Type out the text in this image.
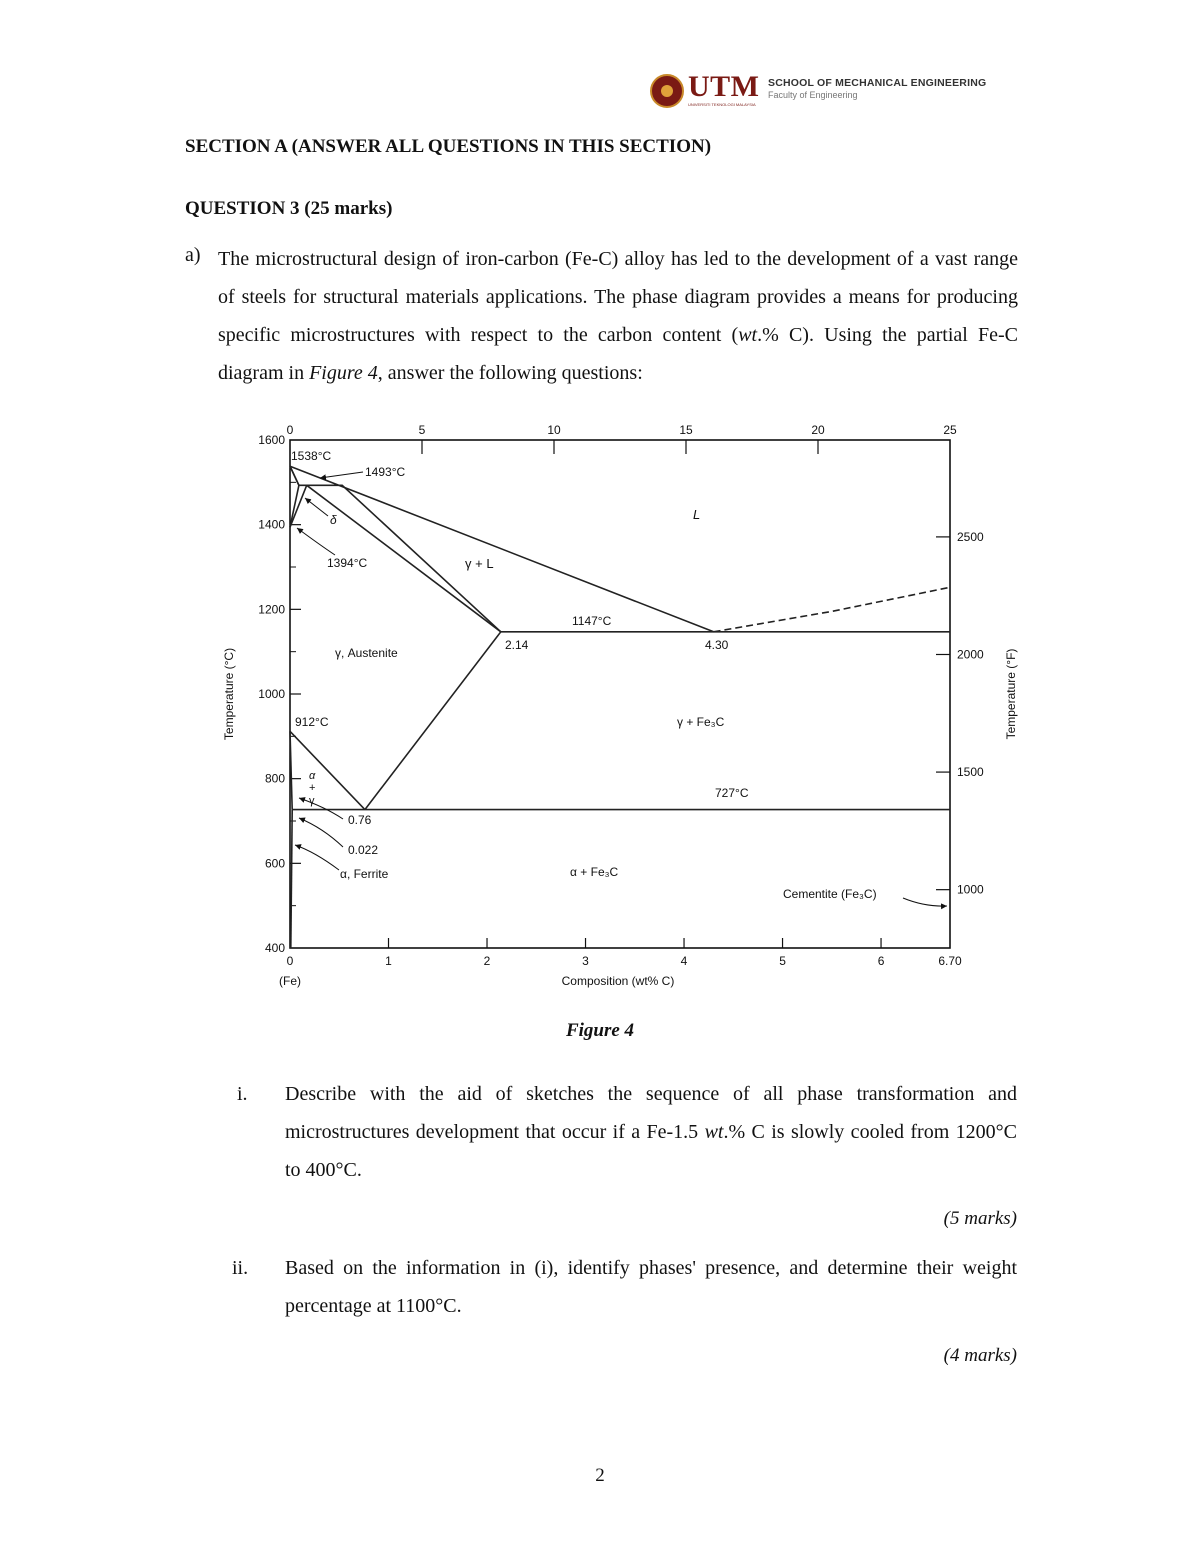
UTM
UNIVERSITI TEKNOLOGI MALAYSIA
SCHOOL OF MECHANICAL ENGINEERING
Faculty of Engineering
SECTION A (ANSWER ALL QUESTIONS IN THIS SECTION)
QUESTION 3 (25 marks)
a) The microstructural design of iron-carbon (Fe-C) alloy has led to the development of a vast range of steels for structural materials applications. The phase diagram provides a means for producing specific microstructures with respect to the carbon content (wt.% C). Using the partial Fe-C diagram in Figure 4, answer the following questions:
0	1	2	3	4	5	6	6.70
400
600
800
1000
1200
1400
1600
0	5	10	15	20	25
1000
1500
2000
2500
Composition (wt% C)
(Fe)
Temperature (°C)	Temperature (°F)
1538°C
1493°C
δ
1394°C
L
γ + L
1147°C
2.14	4.30
γ, Austenite
912°C	γ + Fe₃C
α
+
γ
727°C
0.76
0.022
α, Ferrite	α + Fe₃C
Cementite (Fe₃C)
Figure 4
i. Describe with the aid of sketches the sequence of all phase transformation and microstructures development that occur if a Fe-1.5 wt.% C is slowly cooled from 1200°C to 400°C.
(5 marks)
ii. Based on the information in (i), identify phases' presence, and determine their weight percentage at 1100°C.
(4 marks)
2
